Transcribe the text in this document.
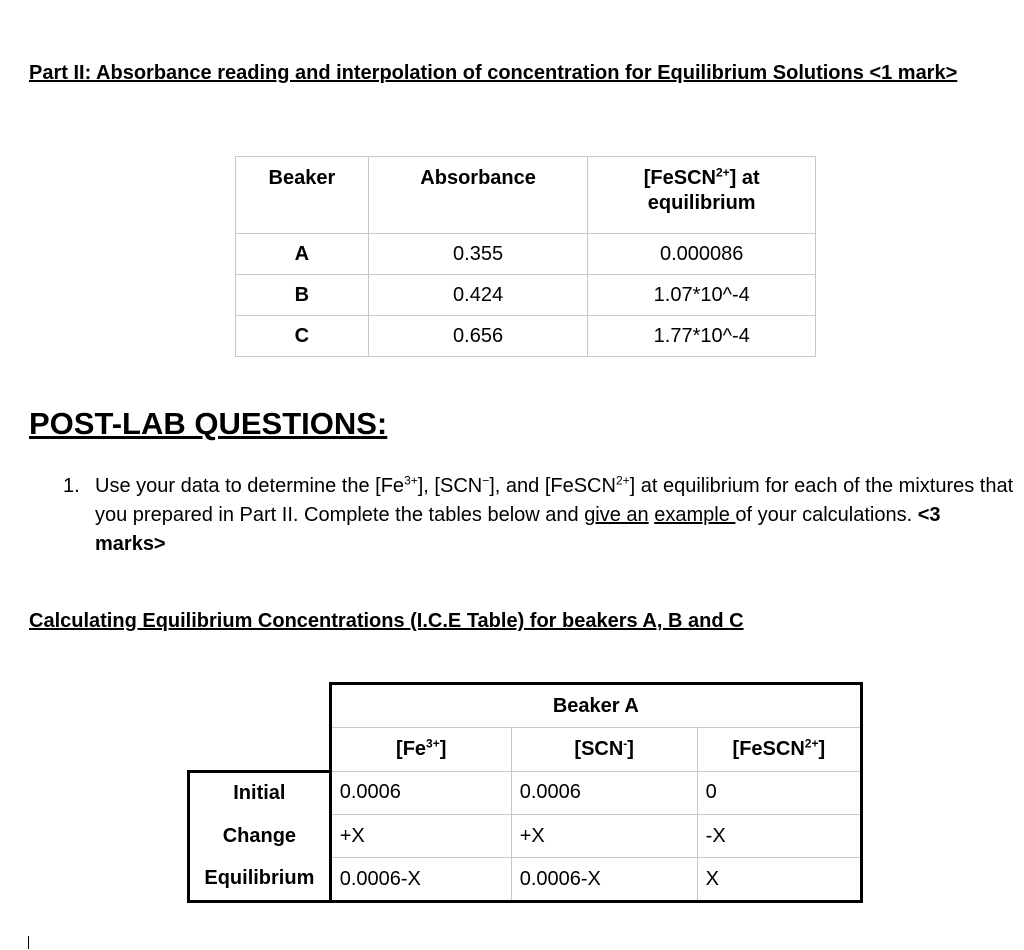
Part II: Absorbance reading and interpolation of concentration for Equilibrium Solutions <1 mark>
Beaker	Absorbance	[FeSCN$^{2+}$] at equilibrium
A	0.355	0.000086
B	0.424	1.07*10^-4
C	0.656	1.77*10^-4
POST-LAB QUESTIONS:
1. Use your data to determine the $[Fe^{3+}]$, [SCN−], and [FeSCN$^{2+}$] at equilibrium for each of the mixtures that you prepared in Part II. Complete the tables below and give an example of your calculations. <3 marks>
Calculating Equilibrium Concentrations (I.C.E Table) for beakers A, B and C
	Beaker A		
	$[Fe^{3+}]$	[SCN-]	[FeSCN$^{2+}$]
Initial	0.0006	0.0006	0
Change	+X	+X	-X
Equilibrium	0.0006-X	0.0006-X	X
